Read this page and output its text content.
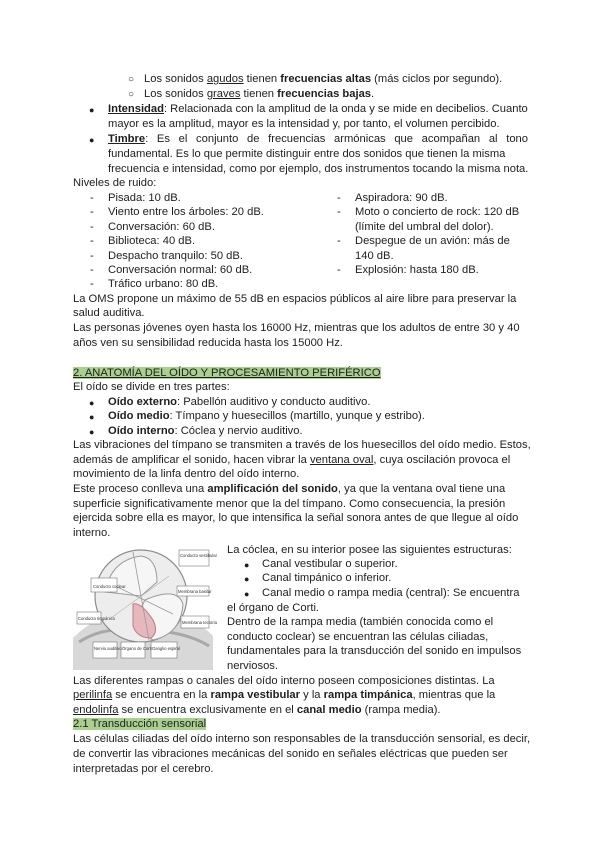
○ Los sonidos agudos tienen frecuencias altas (más ciclos por segundo).
○ Los sonidos graves tienen frecuencias bajas.
● Intensidad: Relacionada con la amplitud de la onda y se mide en decibelios. Cuanto
mayor es la amplitud, mayor es la intensidad y, por tanto, el volumen percibido.
● Timbre: Es el conjunto de frecuencias armónicas que acompañan al tono
fundamental. Es lo que permite distinguir entre dos sonidos que tienen la misma
frecuencia e intensidad, como por ejemplo, dos instrumentos tocando la misma nota.
Niveles de ruido:
- Pisada: 10 dB.
- Viento entre los árboles: 20 dB.
- Conversación: 60 dB.
- Biblioteca: 40 dB.
- Despacho tranquilo: 50 dB.
- Conversación normal: 60 dB.
- Tráfico urbano: 80 dB.
- Aspiradora: 90 dB.
- Moto o concierto de rock: 120 dB
(límite del umbral del dolor).
- Despegue de un avión: más de
140 dB.
- Explosión: hasta 180 dB.
La OMS propone un máximo de 55 dB en espacios públicos al aire libre para preservar la
salud auditiva.
Las personas jóvenes oyen hasta los 16000 Hz, mientras que los adultos de entre 30 y 40
años ven su sensibilidad reducida hasta los 15000 Hz.
2. ANATOMÍA DEL OÍDO Y PROCESAMIENTO PERIFÉRICO
El oído se divide en tres partes:
● Oído externo: Pabellón auditivo y conducto auditivo.
● Oído medio: Tímpano y huesecillos (martillo, yunque y estribo).
● Oído interno: Cóclea y nervio auditivo.
Las vibraciones del tímpano se transmiten a través de los huesecillos del oído medio. Estos,
además de amplificar el sonido, hacen vibrar la ventana oval, cuya oscilación provoca el
movimiento de la linfa dentro del oído interno.
Este proceso conlleva una amplificación del sonido, ya que la ventana oval tiene una
superficie significativamente menor que la del tímpano. Como consecuencia, la presión
ejercida sobre ella es mayor, lo que intensifica la señal sonora antes de que llegue al oído
interno.
Conducto coclear
Conducto vestibular
Conducto timpánico
Membrana tectoria
Membrana basilar
Nervio auditivo Órgano de Corti Ganglio espiral
La cóclea, en su interior posee las siguientes estructuras:
● Canal vestibular o superior.
● Canal timpánico o inferior.
● Canal medio o rampa media (central): Se encuentra
el órgano de Corti.
Dentro de la rampa media (también conocida como el
conducto coclear) se encuentran las células ciliadas,
fundamentales para la transducción del sonido en impulsos
nerviosos.
Las diferentes rampas o canales del oído interno poseen composiciones distintas. La
perilinfa se encuentra en la rampa vestibular y la rampa timpánica, mientras que la
endolinfa se encuentra exclusivamente en el canal medio (rampa media).
2.1 Transducción sensorial
Las células ciliadas del oído interno son responsables de la transducción sensorial, es decir,
de convertir las vibraciones mecánicas del sonido en señales eléctricas que pueden ser
interpretadas por el cerebro.
